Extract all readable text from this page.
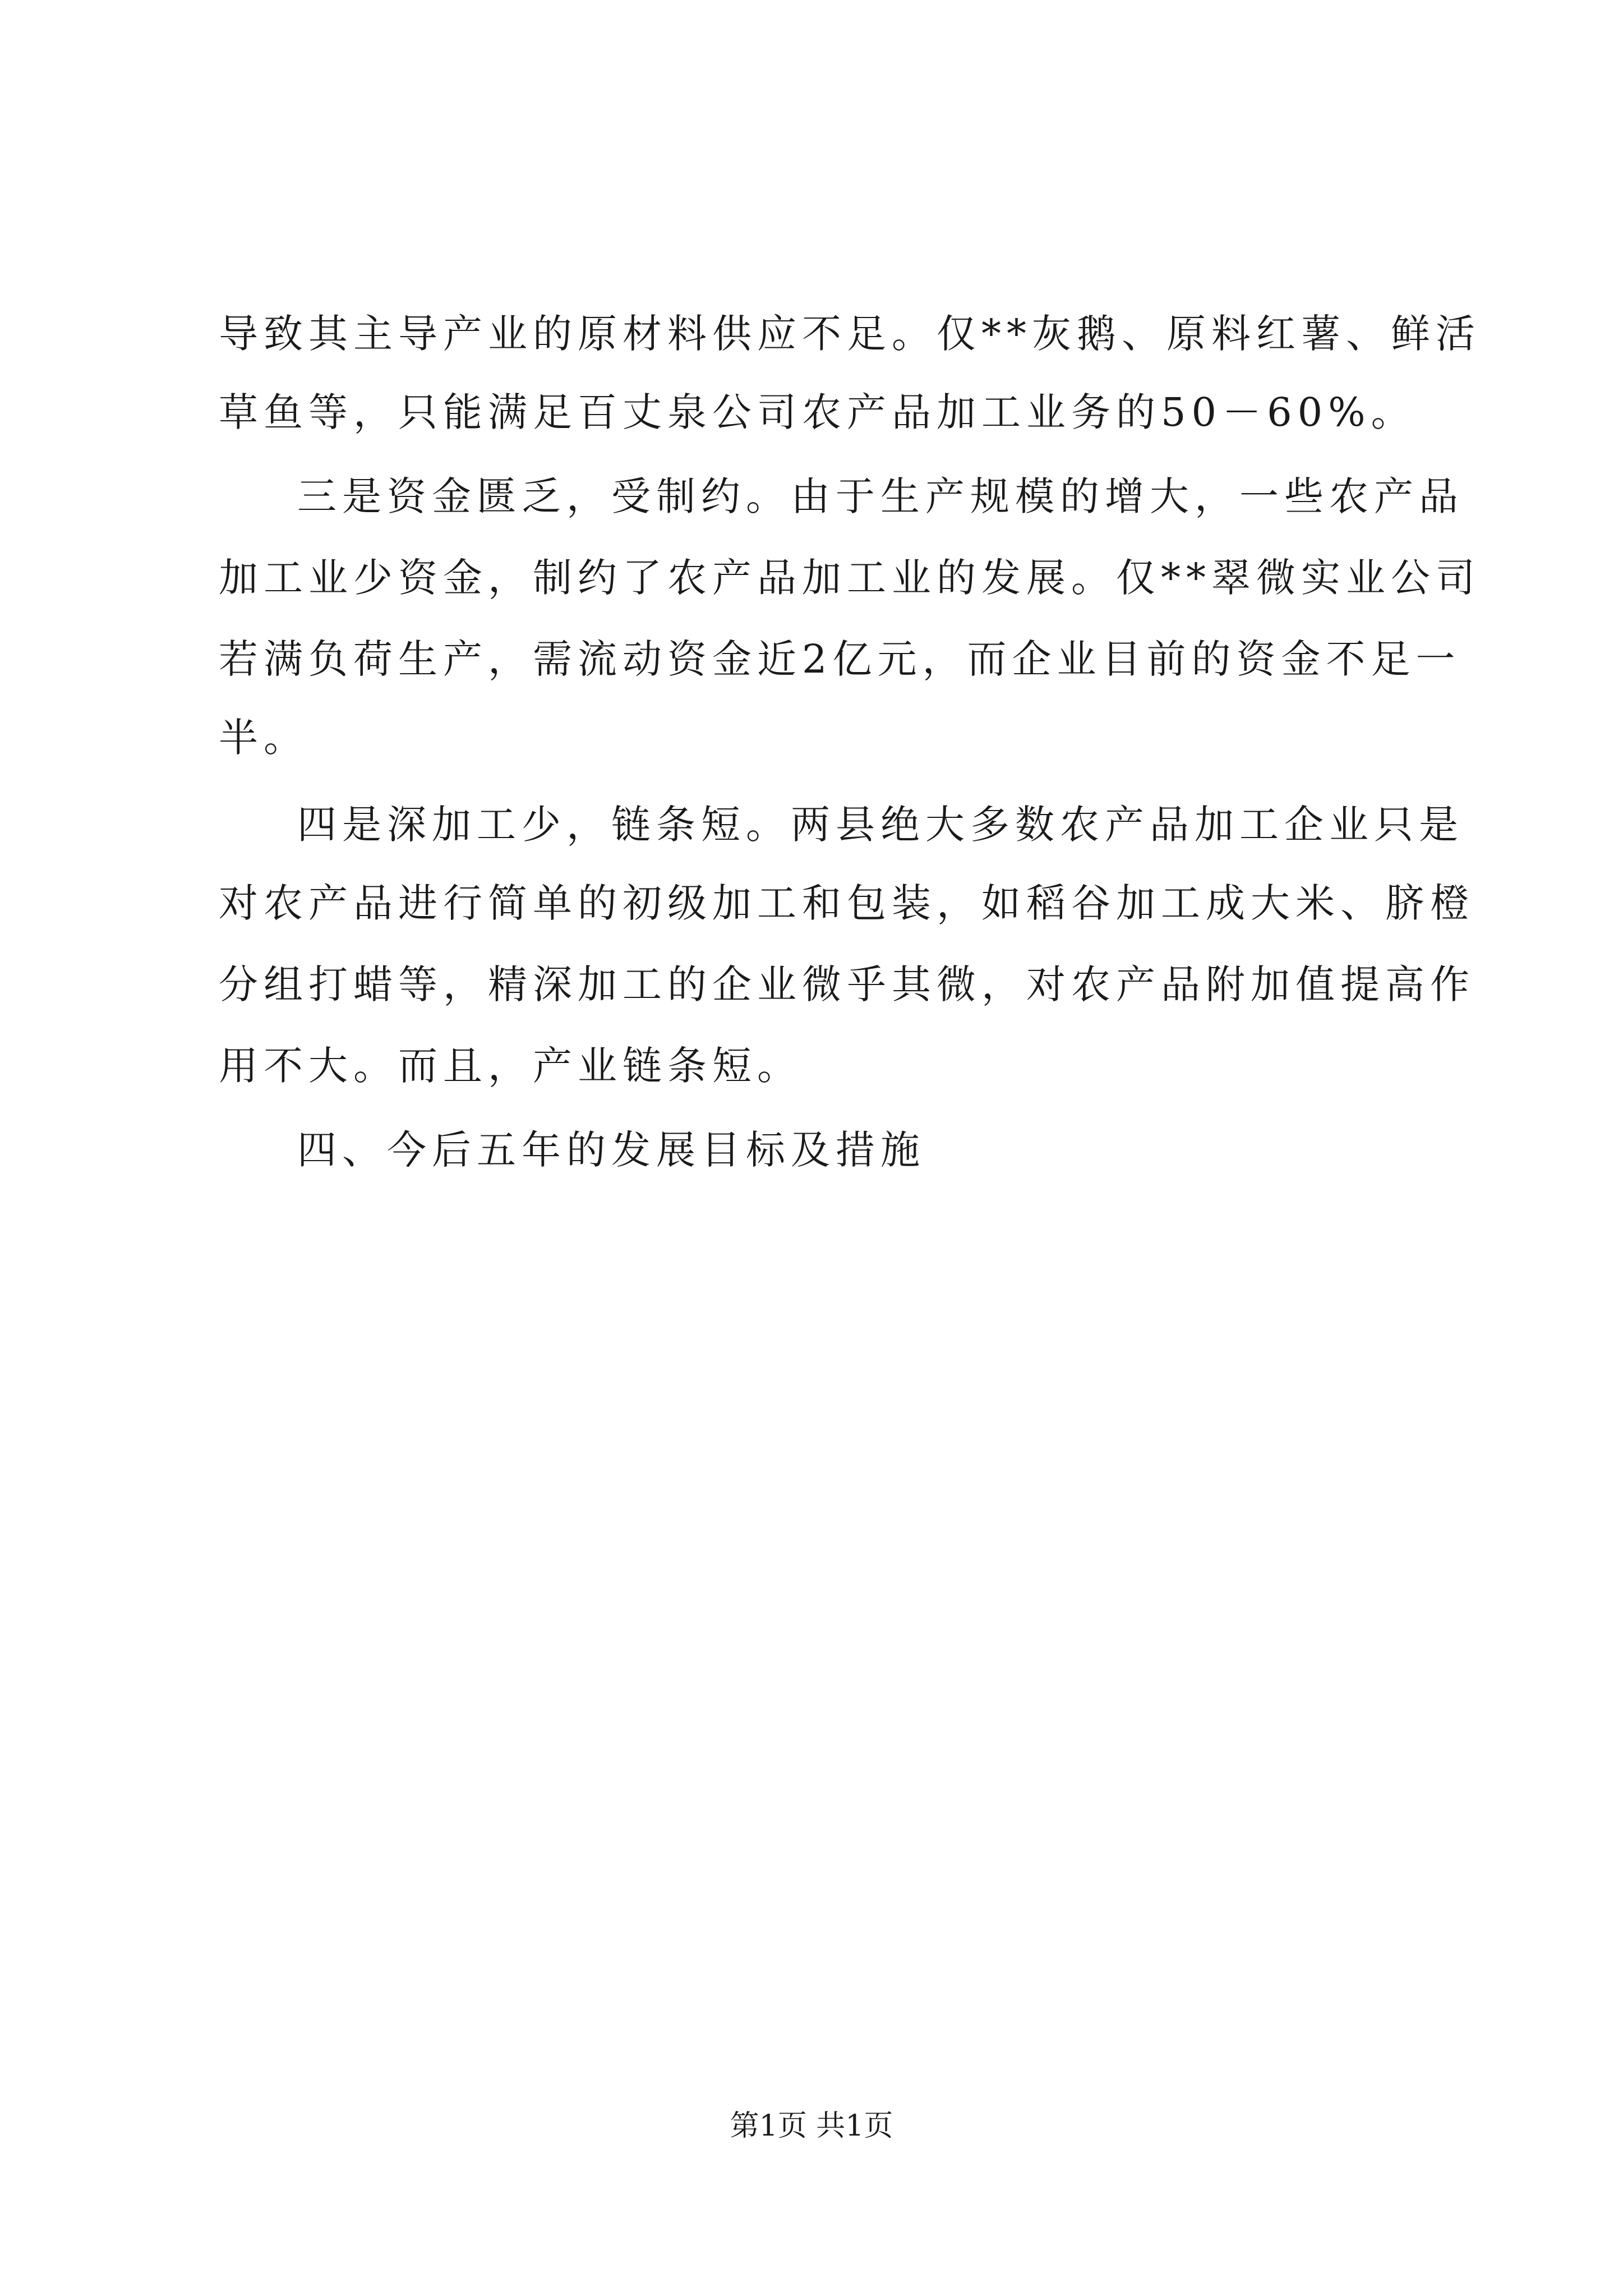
导致其主导产业的原材料供应不足。仅**灰鹅、原料红薯、鲜活
草鱼等，只能满足百丈泉公司农产品加工业务的50－60%。
三是资金匮乏，受制约。由于生产规模的增大，一些农产品
加工业少资金，制约了农产品加工业的发展。仅**翠微实业公司
若满负荷生产，需流动资金近2亿元，而企业目前的资金不足一
半。
四是深加工少，链条短。两县绝大多数农产品加工企业只是
对农产品进行简单的初级加工和包装，如稻谷加工成大米、脐橙
分组打蜡等，精深加工的企业微乎其微，对农产品附加值提高作
用不大。而且，产业链条短。
四、今后五年的发展目标及措施
第1页 共1页
